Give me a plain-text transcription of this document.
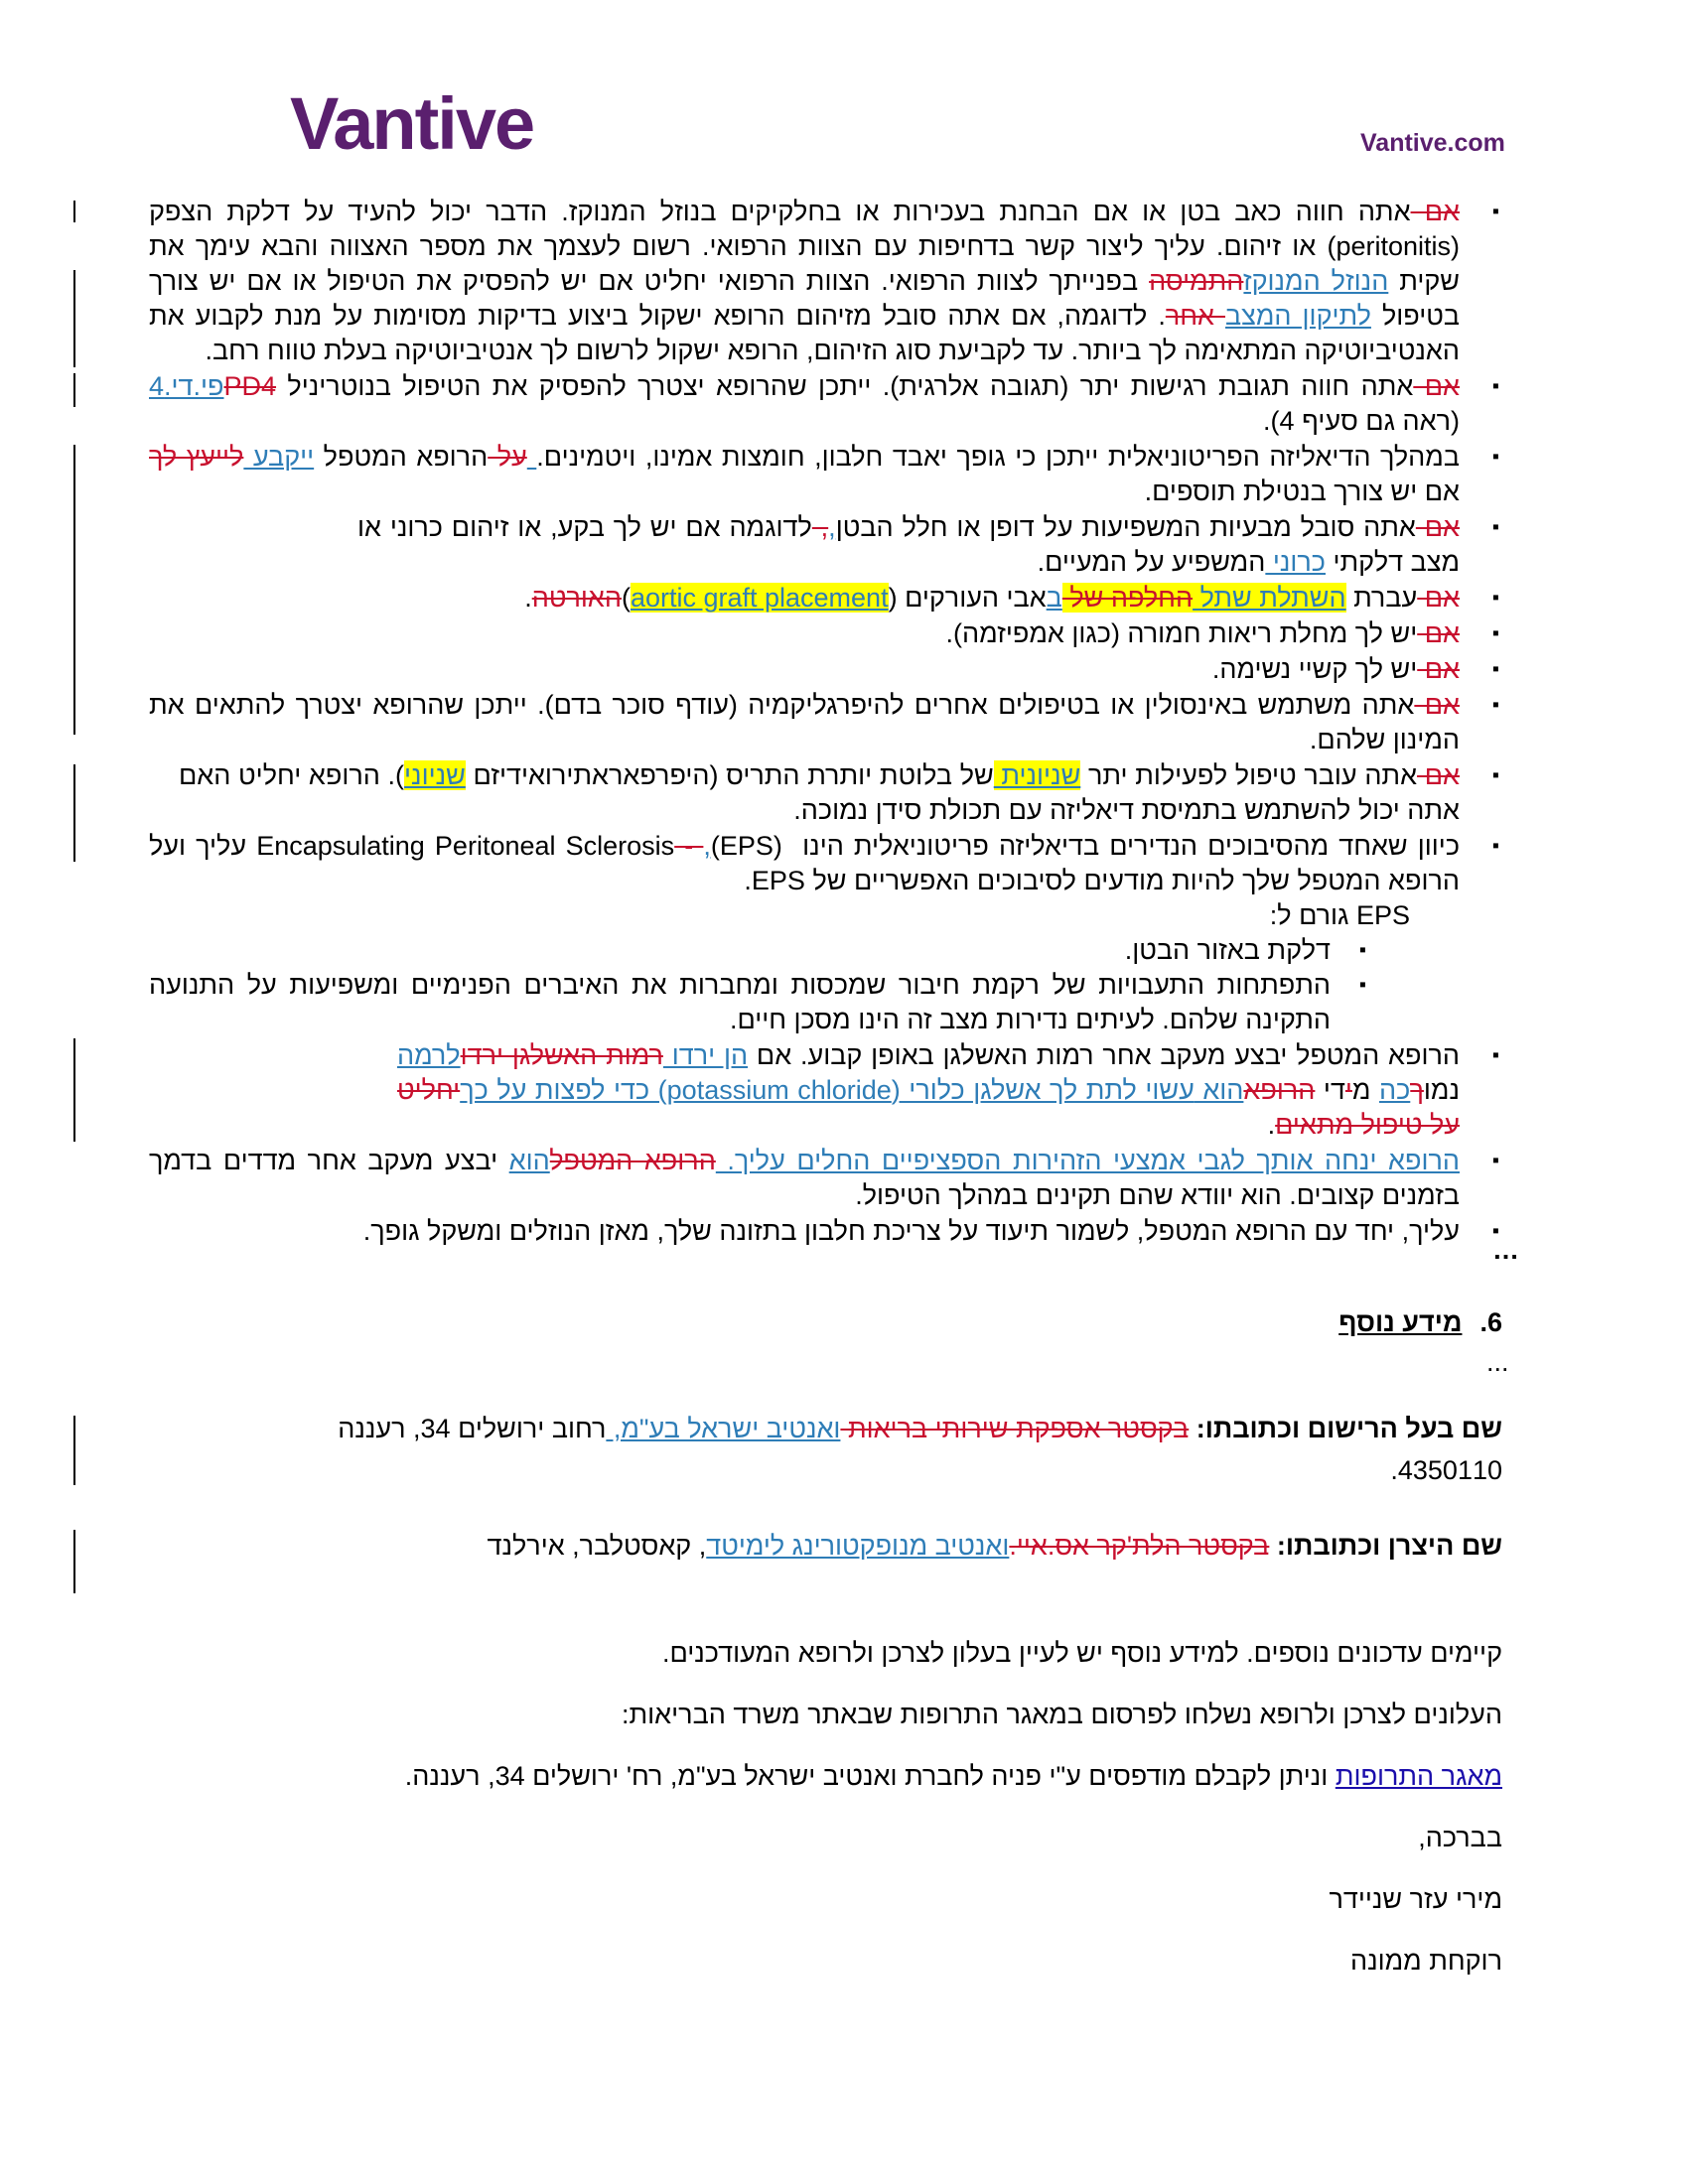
Vantive	Vantive.com
▪ אם אתה חווה כאב בטן או אם הבחנת בעכירות או בחלקיקים בנוזל המנוקז. הדבר יכול להעיד על דלקת הצפק (peritonitis) או זיהום. עליך ליצור קשר בדחיפות עם הצוות הרפואי. רשום לעצמך את מספר האצווה והבא עימך את שקית הנוזל המנוקזהתמיסה בפנייתך לצוות הרפואי. הצוות הרפואי יחליט אם יש להפסיק את הטיפול או אם יש צורך בטיפול לתיקון המצב אחר. לדוגמה, אם אתה סובל מזיהום הרופא ישקול ביצוע בדיקות מסוימות על מנת לקבוע את האנטיביוטיקה המתאימה לך ביותר. עד לקביעת סוג הזיהום, הרופא ישקול לרשום לך אנטיביוטיקה בעלת טווח רחב.
▪ אם אתה חווה תגובת רגישות יתר (תגובה אלרגית). ייתכן שהרופא יצטרך להפסיק את הטיפול בנוטריניל PD4פי.די.4 (ראה גם סעיף 4).
▪ במהלך הדיאליזה הפריטוניאלית ייתכן כי גופך יאבד חלבון, חומצות אמינו, ויטמינים. על הרופא המטפל ייקבע לייעץ לך אם יש צורך בנטילת תוספים.
▪ אם אתה סובל מבעיות המשפיעות על דופן או חלל הבטן,, לדוגמה אם יש לך בקע, או זיהום כרוני או מצב דלקתי כרוני המשפיע על המעיים.
▪ אם עברת השתלת שתל החלפה של באבי העורקים (aortic graft placement)האורטה.
▪ אם יש לך מחלת ריאות חמורה (כגון אמפיזמה).
▪ אם יש לך קשיי נשימה.
▪ אם אתה משתמש באינסולין או בטיפולים אחרים להיפרגליקמיה (עודף סוכר בדם). ייתכן שהרופא יצטרך להתאים את המינון שלהם.
▪ אם אתה עובר טיפול לפעילות יתר שניונית של בלוטת יותרת התריס (היפרפאראתירואידיזם שניוני). הרופא יחליט האם אתה יכול להשתמש בתמיסת דיאליזה עם תכולת סידן נמוכה.
▪ כיוון שאחד מהסיבוכים הנדירים בדיאליזה פריטוניאלית הינו (EPS) , - Encapsulating Peritoneal Sclerosis עליך ועל הרופא המטפל שלך להיות מודעים לסיבוכים האפשריים של EPS.
EPS גורם ל:
▪ דלקת באזור הבטן.
▪ התפתחות התעבויות של רקמת חיבור שמכסות ומחברות את האיברים הפנימיים ומשפיעות על התנועה התקינה שלהם. לעיתים נדירות מצב זה הינו מסכן חיים.
▪ הרופא המטפל יבצע מעקב אחר רמות האשלגן באופן קבוע. אם הן ירדו רמות האשלגן ירדולרמה נמוךכה מידי הרופאהוא עשוי לתת לך אשלגן כלורי (potassium chloride) כדי לפצות על כךיחליט על טיפול מתאים.
▪ הרופא ינחה אותך לגבי אמצעי הזהירות הספציפיים החלים עליך. הרופא המטפלהוא יבצע מעקב אחר מדדים בדמך בזמנים קצובים. הוא יוודא שהם תקינים במהלך הטיפול.
▪ עליך, יחד עם הרופא המטפל, לשמור תיעוד על צריכת חלבון בתזונה שלך, מאזן הנוזלים ומשקל גופך.
…
6.מידע נוסף
...
שם בעל הרישום וכתובתו: בקסטר אספקת שירותי בריאות ואנטיב ישראל בע"מ, רחוב ירושלים 34, רעננה 4350110.
שם היצרן וכתובתו: בקסטר הלת'קר אס.איי.ואנטיב מנופקטורינג לימיטד, קאסטלבר, אירלנד
קיימים עדכונים נוספים. למידע נוסף יש לעיין בעלון לצרכן ולרופא המעודכנים.
העלונים לצרכן ולרופא נשלחו לפרסום במאגר התרופות שבאתר משרד הבריאות:
מאגר התרופות וניתן לקבלם מודפסים ע"י פניה לחברת ואנטיב ישראל בע"מ, רח' ירושלים 34, רעננה.
בברכה,
מירי עזר שניידר
רוקחת ממונה
